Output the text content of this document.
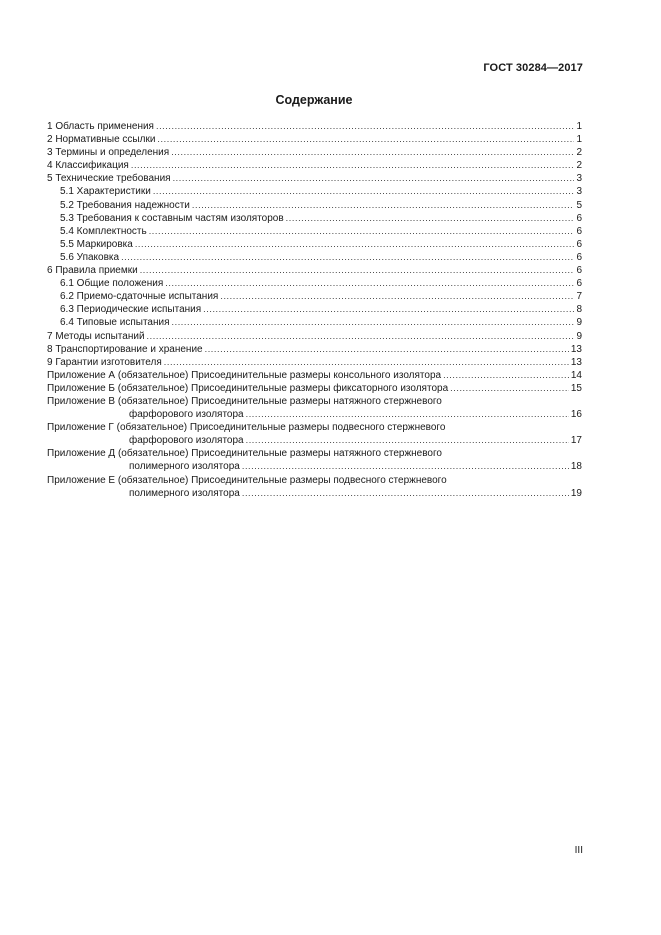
ГОСТ 30284—2017
Содержание
1 Область применения .....	1
2 Нормативные ссылки .....	1
3 Термины и определения .....	2
4 Классификация .....	2
5 Технические требования .....	3
5.1 Характеристики .....	3
5.2 Требования надежности .....	5
5.3 Требования к составным частям изоляторов .....	6
5.4 Комплектность .....	6
5.5 Маркировка .....	6
5.6 Упаковка .....	6
6 Правила приемки .....	6
6.1 Общие положения .....	6
6.2 Приемо-сдаточные испытания .....	7
6.3 Периодические испытания .....	8
6.4 Типовые испытания .....	9
7 Методы испытаний .....	9
8 Транспортирование и хранение .....	13
9 Гарантии изготовителя .....	13
Приложение А (обязательное) Присоединительные размеры консольного изолятора .....	14
Приложение Б (обязательное) Присоединительные размеры фиксаторного изолятора .....	15
Приложение В (обязательное) Присоединительные размеры натяжного стержневого
фарфорового изолятора .....	16
Приложение Г (обязательное) Присоединительные размеры подвесного стержневого
фарфорового изолятора .....	17
Приложение Д (обязательное) Присоединительные размеры натяжного стержневого
полимерного изолятора .....	18
Приложение Е (обязательное) Присоединительные размеры подвесного стержневого
полимерного изолятора .....	19
III
